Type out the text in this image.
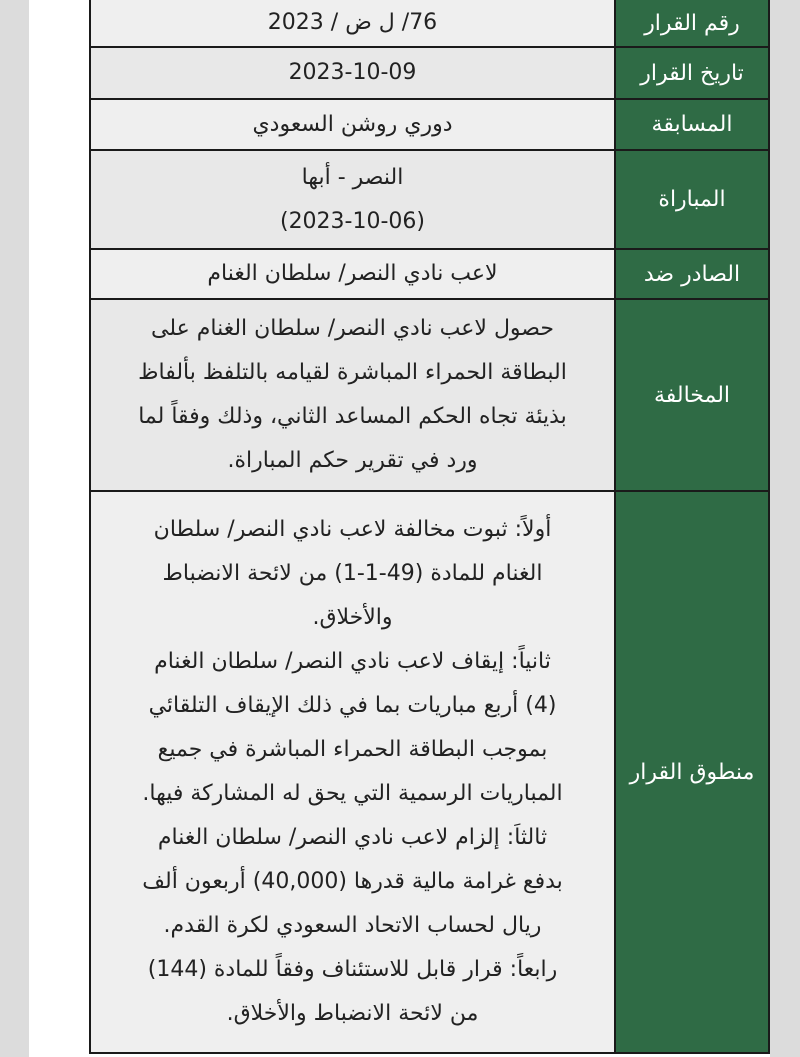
رقم القرار	76/ ل ض / 2023

تاريخ القرار	2023-10-09

المسابقة	دوري روشن السعودي

المباراة	النصر - أبها
(2023-10-06)

الصادر ضد	لاعب نادي النصر/ سلطان الغنام

المخالفة	حصول لاعب نادي النصر/ سلطان الغنام على
البطاقة الحمراء المباشرة لقيامه بالتلفظ بألفاظ
بذيئة تجاه الحكم المساعد الثاني، وذلك وفقاً لما
ورد في تقرير حكم المباراة.

منطوق القرار	
أولاً: ثبوت مخالفة لاعب نادي النصر/ سلطان
الغنام للمادة (49-1-1) من لائحة الانضباط
والأخلاق.
ثانياً: إيقاف لاعب نادي النصر/ سلطان الغنام
(4) أربع مباريات بما في ذلك الإيقاف التلقائي
بموجب البطاقة الحمراء المباشرة في جميع
المباريات الرسمية التي يحق له المشاركة فيها.
ثالثاَ: إلزام لاعب نادي النصر/ سلطان الغنام
بدفع غرامة مالية قدرها (40,000) أربعون ألف
ريال لحساب الاتحاد السعودي لكرة القدم.
رابعاً: قرار قابل للاستئناف وفقاً للمادة (144)
من لائحة الانضباط والأخلاق.
